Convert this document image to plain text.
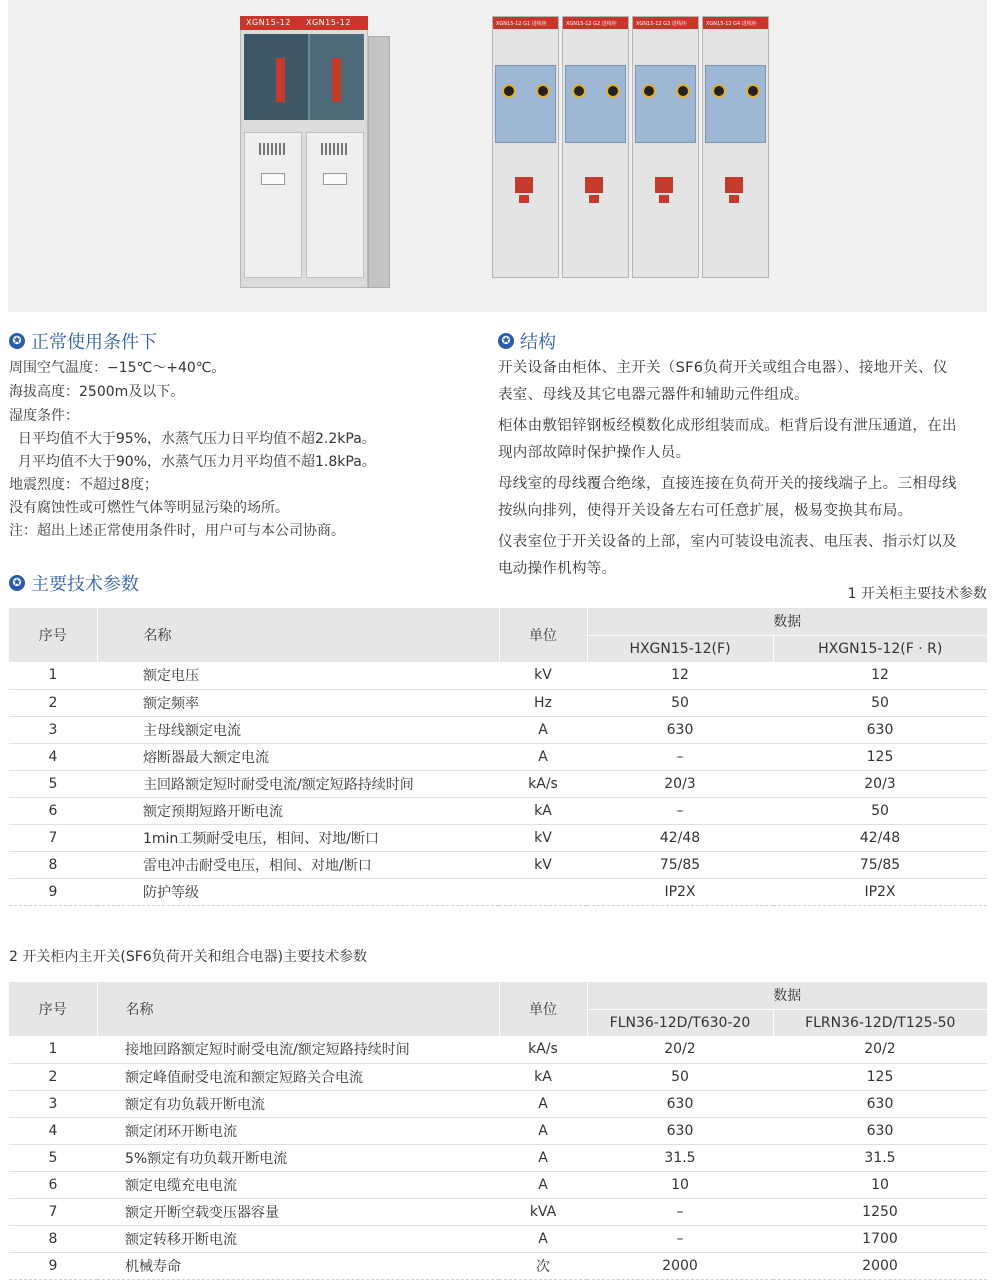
XGN15-12 XGN15-12	XGN15-12 G1 进线柜	XGN15-12 G2 进线柜	XGN15-12 G3 进线柜	XGN15-12 G4 进线柜
✪ 正常使用条件下
周围空气温度：−15℃～+40℃。
海拔高度：2500m及以下。
湿度条件：
日平均值不大于95%，水蒸气压力日平均值不超2.2kPa。
月平均值不大于90%，水蒸气压力月平均值不超1.8kPa。
地震烈度：不超过8度；
没有腐蚀性或可燃性气体等明显污染的场所。
注：超出上述正常使用条件时，用户可与本公司协商。
✪ 结构
开关设备由柜体、主开关（SF6负荷开关或组合电器）、接地开关、仪
表室、母线及其它电器元器件和辅助元件组成。
柜体由敷铝锌钢板经模数化成形组装而成。柜背后设有泄压通道，在出
现内部故障时保护操作人员。
母线室的母线覆合绝缘，直接连接在负荷开关的接线端子上。三相母线
按纵向排列，使得开关设备左右可任意扩展，极易变换其布局。
仪表室位于开关设备的上部，室内可装设电流表、电压表、指示灯以及
电动操作机构等。
✪ 主要技术参数	1 开关柜主要技术参数
序号	名称	单位	数据	
			HXGN15-12(F)	HXGN15-12(F · R)
1	额定电压	kV	12	12
2	额定频率	Hz	50	50
3	主母线额定电流	A	630	630
4	熔断器最大额定电流	A	–	125
5	主回路额定短时耐受电流/额定短路持续时间	kA/s	20/3	20/3
6	额定预期短路开断电流	kA	–	50
7	1min工频耐受电压，相间、对地/断口	kV	42/48	42/48
8	雷电冲击耐受电压，相间、对地/断口	kV	75/85	75/85
9	防护等级		IP2X	IP2X
2 开关柜内主开关(SF6负荷开关和组合电器)主要技术参数
序号	名称	单位	数据	
			FLN36-12D/T630-20	FLRN36-12D/T125-50
1	接地回路额定短时耐受电流/额定短路持续时间	kA/s	20/2	20/2
2	额定峰值耐受电流和额定短路关合电流	kA	50	125
3	额定有功负载开断电流	A	630	630
4	额定闭环开断电流	A	630	630
5	5%额定有功负载开断电流	A	31.5	31.5
6	额定电缆充电电流	A	10	10
7	额定开断空载变压器容量	kVA	–	1250
8	额定转移开断电流	A	–	1700
9	机械寿命	次	2000	2000
